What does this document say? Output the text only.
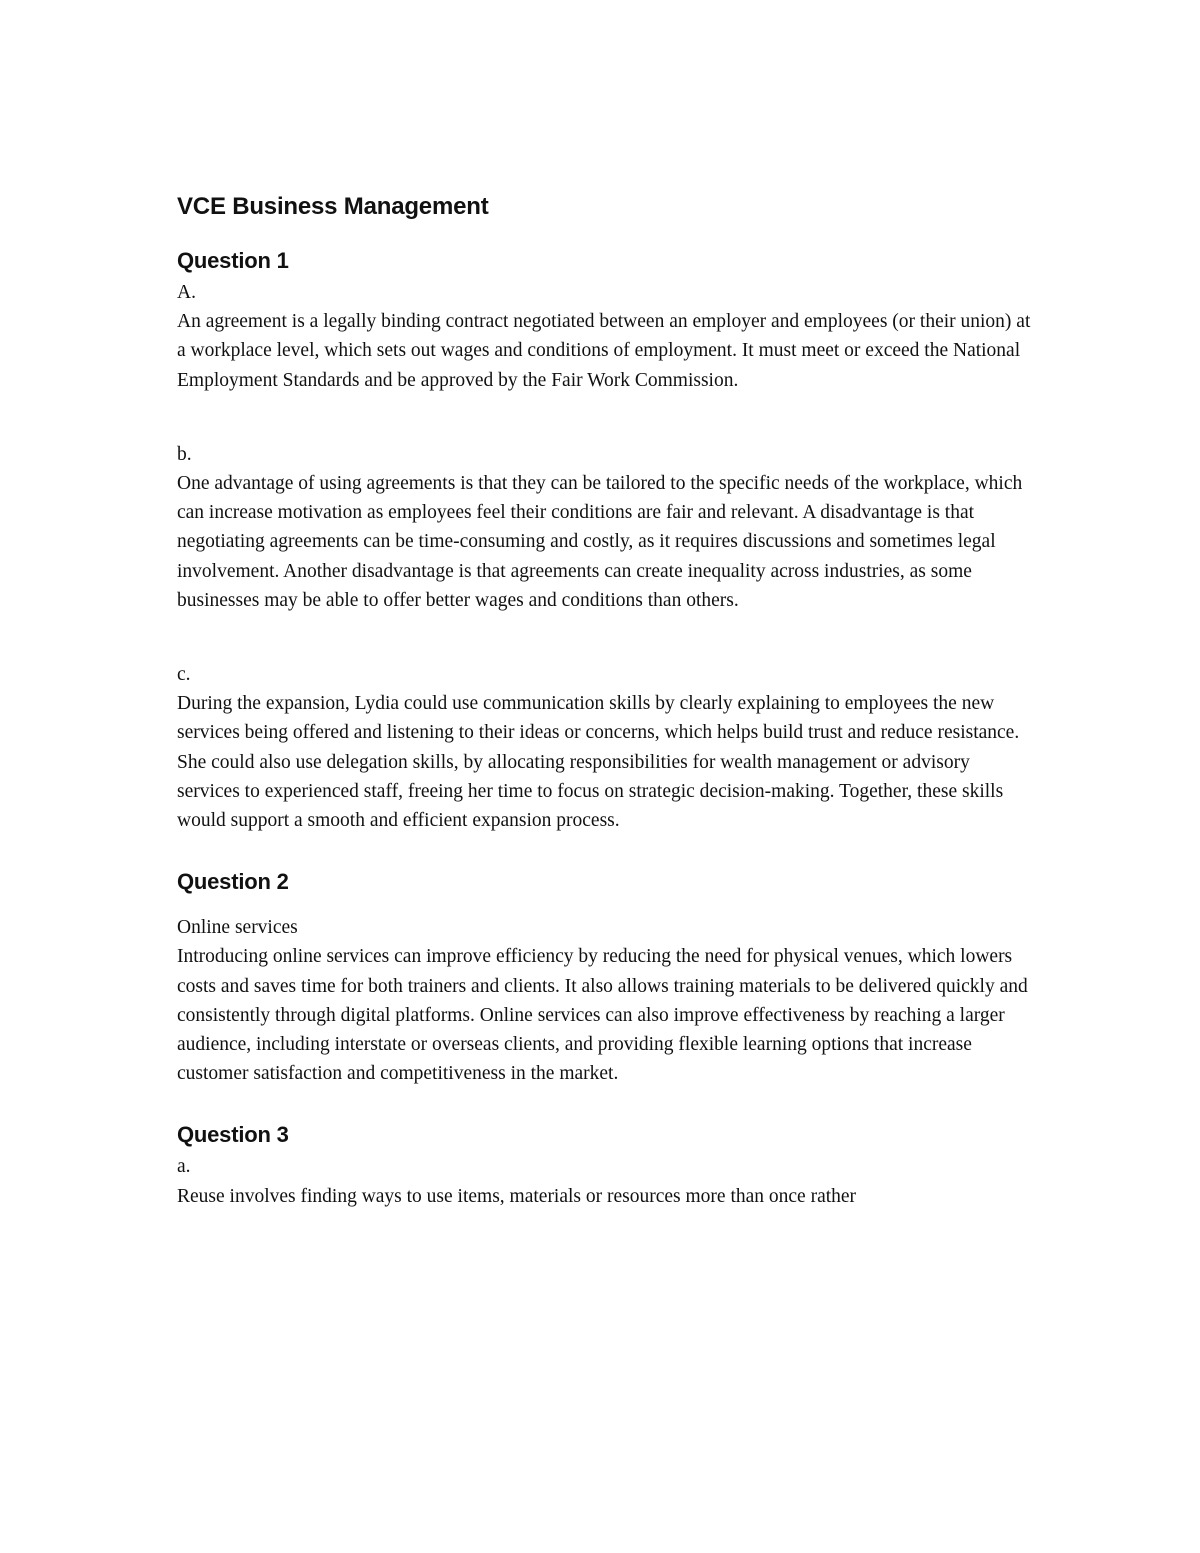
VCE Business Management
Question 1

A.

An agreement is a legally binding contract negotiated between an employer and employees (or their union) at a workplace level, which sets out wages and conditions of employment. It must meet or exceed the National Employment Standards and be approved by the Fair Work Commission.

b.

One advantage of using agreements is that they can be tailored to the specific needs of the workplace, which can increase motivation as employees feel their conditions are fair and relevant. A disadvantage is that negotiating agreements can be time-consuming and costly, as it requires discussions and sometimes legal involvement. Another disadvantage is that agreements can create inequality across industries, as some businesses may be able to offer better wages and conditions than others.

c.

During the expansion, Lydia could use communication skills by clearly explaining to employees the new services being offered and listening to their ideas or concerns, which helps build trust and reduce resistance. She could also use delegation skills, by allocating responsibilities for wealth management or advisory services to experienced staff, freeing her time to focus on strategic decision-making. Together, these skills would support a smooth and efficient expansion process.

Question 2

Online services

Introducing online services can improve efficiency by reducing the need for physical venues, which lowers costs and saves time for both trainers and clients. It also allows training materials to be delivered quickly and consistently through digital platforms. Online services can also improve effectiveness by reaching a larger audience, including interstate or overseas clients, and providing flexible learning options that increase customer satisfaction and competitiveness in the market.

Question 3

a.

Reuse involves finding ways to use items, materials or resources more than once rather
